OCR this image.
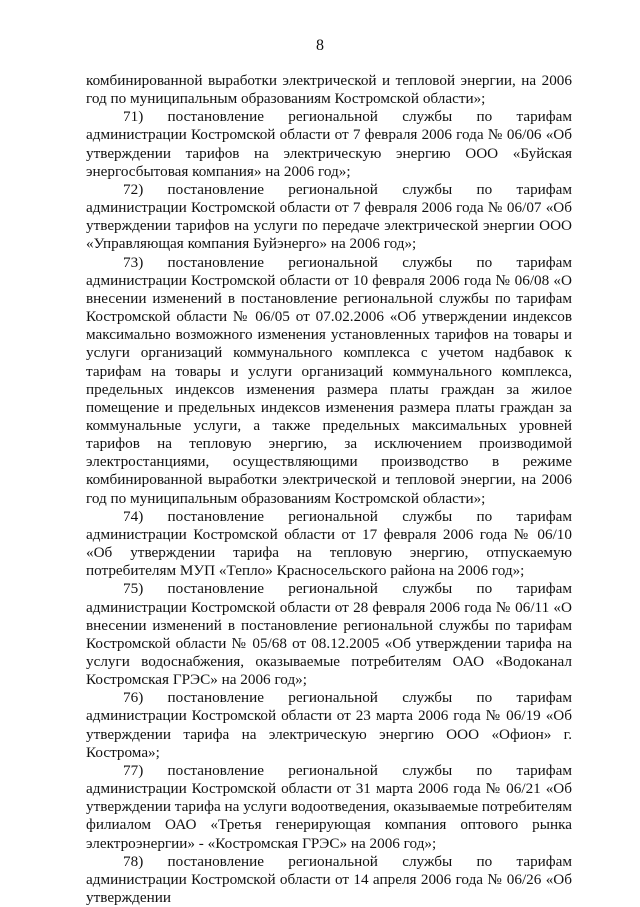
8

комбинированной выработки электрической и тепловой энергии, на 2006 год по муниципальным образованиям Костромской области»;

71) постановление региональной службы по тарифам администрации Костромской области от 7 февраля 2006 года № 06/06 «Об утверждении тарифов на электрическую энергию ООО «Буйская энергосбытовая компания» на 2006 год»;

72) постановление региональной службы по тарифам администрации Костромской области от 7 февраля 2006 года № 06/07 «Об утверждении тарифов на услуги по передаче электрической энергии ООО «Управляющая компания Буйэнерго» на 2006 год»;

73) постановление региональной службы по тарифам администрации Костромской области от 10 февраля 2006 года № 06/08 «О внесении изменений в постановление региональной службы по тарифам Костромской области № 06/05 от 07.02.2006 «Об утверждении индексов максимально возможного изменения установленных тарифов на товары и услуги организаций коммунального комплекса с учетом надбавок к тарифам на товары и услуги организаций коммунального комплекса, предельных индексов изменения размера платы граждан за жилое помещение и предельных индексов изменения размера платы граждан за коммунальные услуги, а также предельных максимальных уровней тарифов на тепловую энергию, за исключением производимой электростанциями, осуществляющими производство в режиме комбинированной выработки электрической и тепловой энергии, на 2006 год по муниципальным образованиям Костромской области»;

74) постановление региональной службы по тарифам администрации Костромской области от 17 февраля 2006 года № 06/10 «Об утверждении тарифа на тепловую энергию, отпускаемую потребителям МУП «Тепло» Красносельского района на 2006 год»;

75) постановление региональной службы по тарифам администрации Костромской области от 28 февраля 2006 года № 06/11 «О внесении изменений в постановление региональной службы по тарифам Костромской области № 05/68 от 08.12.2005 «Об утверждении тарифа на услуги водоснабжения, оказываемые потребителям ОАО «Водоканал Костромская ГРЭС» на 2006 год»;

76) постановление региональной службы по тарифам администрации Костромской области от 23 марта 2006 года № 06/19 «Об утверждении тарифа на электрическую энергию ООО «Офион» г. Кострома»;

77) постановление региональной службы по тарифам администрации Костромской области от 31 марта 2006 года № 06/21 «Об утверждении тарифа на услуги водоотведения, оказываемые потребителям филиалом ОАО «Третья генерирующая компания оптового рынка электроэнергии» - «Костромская ГРЭС» на 2006 год»;

78) постановление региональной службы по тарифам администрации Костромской области от 14 апреля 2006 года № 06/26 «Об утверждении
